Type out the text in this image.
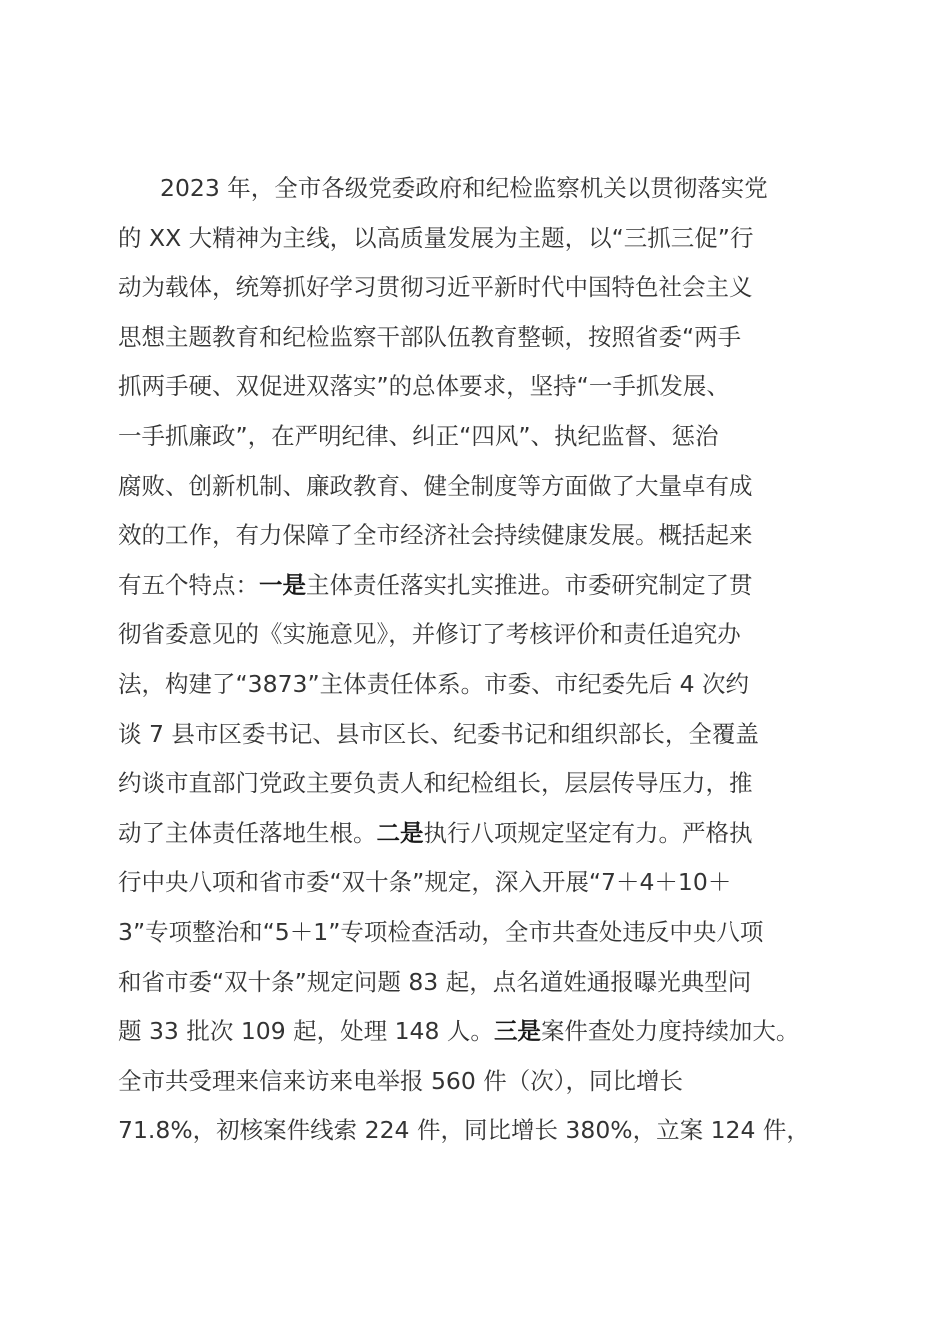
2023 年，全市各级党委政府和纪检监察机关以贯彻落实党
的 XX 大精神为主线，以高质量发展为主题，以“三抓三促”行
动为载体，统筹抓好学习贯彻习近平新时代中国特色社会主义
思想主题教育和纪检监察干部队伍教育整顿，按照省委“两手
抓两手硬、双促进双落实”的总体要求，坚持“一手抓发展、
一手抓廉政”，在严明纪律、纠正“四风”、执纪监督、惩治
腐败、创新机制、廉政教育、健全制度等方面做了大量卓有成
效的工作，有力保障了全市经济社会持续健康发展。概括起来
有五个特点：一是主体责任落实扎实推进。市委研究制定了贯
彻省委意见的《实施意见》，并修订了考核评价和责任追究办
法，构建了“3873”主体责任体系。市委、市纪委先后 4 次约
谈 7 县市区委书记、县市区长、纪委书记和组织部长，全覆盖
约谈市直部门党政主要负责人和纪检组长，层层传导压力，推
动了主体责任落地生根。二是执行八项规定坚定有力。严格执
行中央八项和省市委“双十条”规定，深入开展“7＋4＋10＋
3”专项整治和“5＋1”专项检查活动，全市共查处违反中央八项
和省市委“双十条”规定问题 83 起，点名道姓通报曝光典型问
题 33 批次 109 起，处理 148 人。三是案件查处力度持续加大。
全市共受理来信来访来电举报 560 件（次），同比增长
71.8%，初核案件线索 224 件，同比增长 380%，立案 124 件，
